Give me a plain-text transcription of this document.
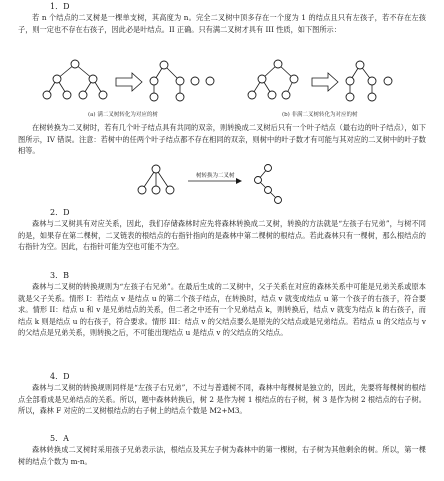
1．D

若 n 个结点的二叉树是一棵单支树，其高度为 n。完全二叉树中顶多存在一个度为 1 的结点且只有左孩子，若不存在左孩子，则一定也不存在右孩子，因此必是叶结点。II 正确。只有满二叉树才具有 III 性质，如下图所示：

(a) 满二叉树转化为对应的树	(b) 非满二叉树转化为对应的树

在树转换为二叉树时，若有几个叶子结点具有共同的双亲，则转换成二叉树后只有一个叶子结点（最右边的叶子结点），如下图所示，IV 错误。注意：若树中的任两个叶子结点都不存在相同的双亲，则树中的叶子数才有可能与其对应的二叉树中的叶子数相等。

树转换为二叉树
2．D

森林与二叉树具有对应关系，因此，我们存储森林时应先将森林转换成二叉树，转换的方法就是“左孩子右兄弟”，与树不同的是，如果存在第二棵树，二叉链表的根结点的右指针指向的是森林中第二棵树的根结点。若此森林只有一棵树，那么根结点的右指针为空。因此，右指针可能为空也可能不为空。

3．B

森林与二叉树的转换规则为“左孩子右兄弟”。在最后生成的二叉树中，父子关系在对应的森林关系中可能是兄弟关系或原本就是父子关系。情形 I：若结点 v 是结点 u 的第二个孩子结点，在转换时，结点 v 就变成结点 u 第一个孩子的右孩子，符合要求。情形 II：结点 u 和 v 是兄弟结点的关系，但二者之中还有一个兄弟结点 k，则转换后，结点 v 就变为结点 k 的右孩子，而结点 k 则是结点 u 的右孩子，符合要求。情形 III：结点 v 的父结点要么是原先的父结点或是兄弟结点。若结点 u 的父结点与 v 的父结点是兄弟关系，则转换之后，不可能出现结点 u 是结点 v 的父结点的父结点。

4．D

森林与二叉树的转换规则同样是“左孩子右兄弟”，不过与普通树不同，森林中每棵树是独立的，因此，先要将每棵树的根结点全部看成是兄弟结点的关系。所以，题中森林转换后，树 2 是作为树 1 根结点的右子树，树 3 是作为树 2 根结点的右子树。所以，森林 F 对应的二叉树根结点的右子树上的结点个数是 M2+M3。

5．A

森林转换成二叉树时采用孩子兄弟表示法，根结点及其左子树为森林中的第一棵树，右子树为其他剩余的树。所以，第一棵树的结点个数为 m-n。
